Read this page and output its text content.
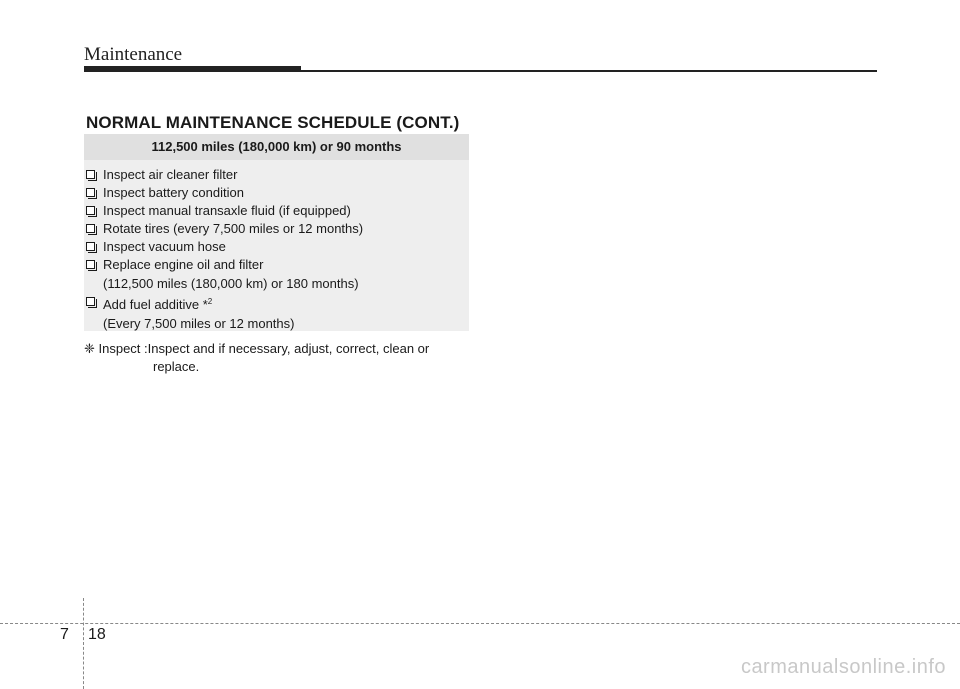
Maintenance
NORMAL MAINTENANCE SCHEDULE (CONT.)
112,500 miles (180,000 km) or 90 months
Inspect air cleaner filter
Inspect battery condition
Inspect manual transaxle fluid (if equipped)
Rotate tires (every 7,500 miles or 12 months)
Inspect vacuum hose
Replace engine oil and filter
(112,500 miles (180,000 km) or 180 months)
Add fuel additive *$^2$
(Every 7,500 miles or 12 months)
❈ Inspect : Inspect and if necessary, adjust, correct, clean or
replace.
7 18
carmanualsonline.info
